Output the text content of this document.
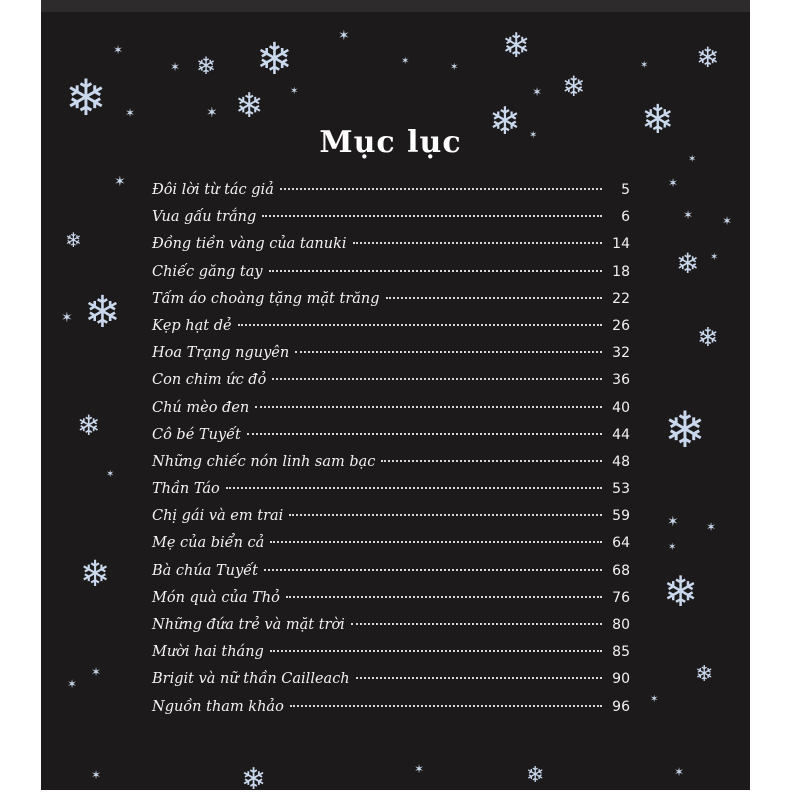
❄
❄
❄
❄	❄
❄
❄	❄
❄
❄
❄
❄
❄
❄
❄
❄
❄
❄
❄	❄
✶
✶
✶
✶
✶
✶
✶
✶
✶
✶
✶
✶	✶
✶
✶ ✶
✶
✶
✶
✶ ✶
✶
✶
✶	✶	✶
✶
✶
Mục lục
Đôi lời từ tác giả	5
Vua gấu trắng	6
Đồng tiền vàng của tanuki	14
Chiếc găng tay	18
Tấm áo choàng tặng mặt trăng	22
Kẹp hạt dẻ	26
Hoa Trạng nguyên	32
Con chim ức đỏ	36
Chú mèo đen	40
Cô bé Tuyết	44
Những chiếc nón linh sam bạc	48
Thần Táo	53
Chị gái và em trai	59
Mẹ của biển cả	64
Bà chúa Tuyết	68
Món quà của Thỏ	76
Những đứa trẻ và mặt trời	80
Mười hai tháng	85
Brigit và nữ thần Cailleach	90
Nguồn tham khảo	96
